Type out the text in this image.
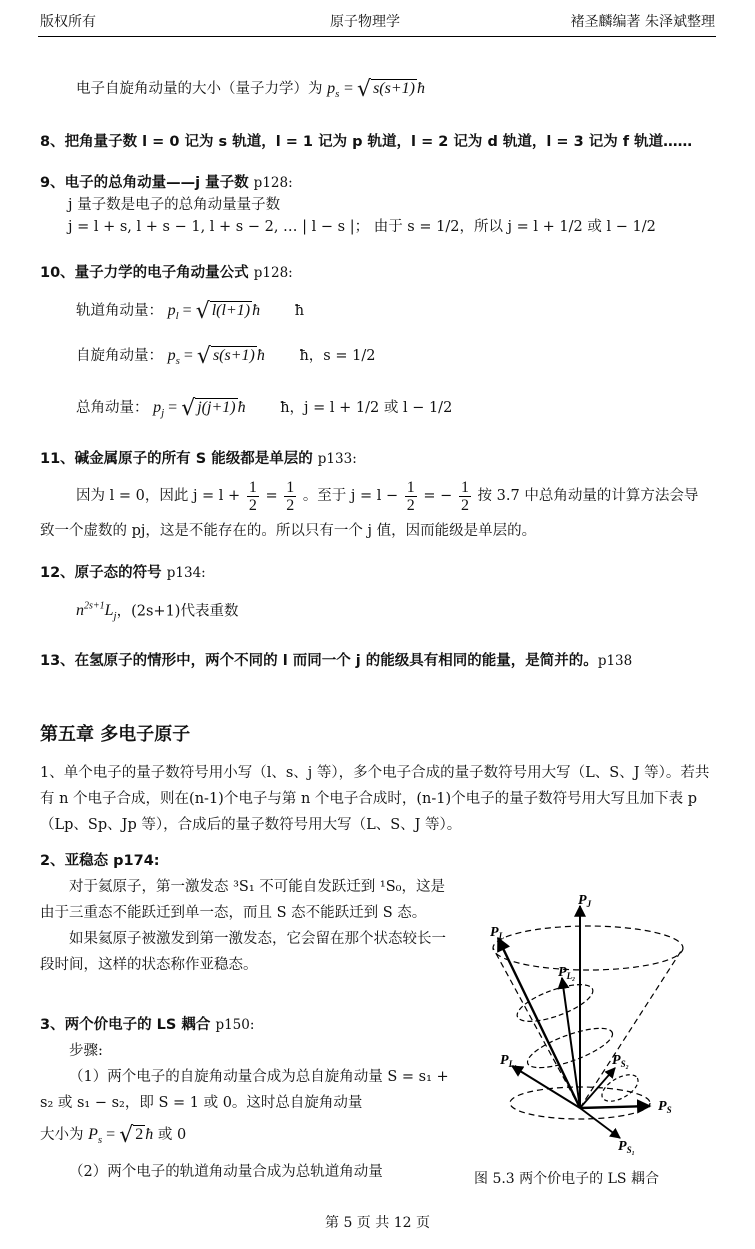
版权所有	原子物理学	褚圣麟编著 朱泽斌整理
电子自旋角动量的大小（量子力学）为 $p_s$ = √ s(s+1) ħ
8、把角量子数 l = 0 记为 s 轨道，l = 1 记为 p 轨道，l = 2 记为 d 轨道，l = 3 记为 f 轨道……
9、电子的总角动量——j 量子数 p128:
j 量子数是电子的总角动量量子数
j = l + s, l + s − 1, l + s − 2, … | l − s |； 由于 s = 1/2，所以 j = l + 1/2 或 l − 1/2
10、量子力学的电子角动量公式 p128:
轨道角动量： $p_l$ = √ l(l+1) ħ ħ
自旋角动量： $p_s$ = √ s(s+1) ħ ħ，s = 1/2
总角动量： $p_j$ = √ j(j+1) ħ ħ，j = l + 1/2 或 l − 1/2
11、碱金属原子的所有 S 能级都是单层的 p133:
因为 l = 0，因此 $j = l + \frac{1}{2} = \frac{1}{2}$ 。至于 $j = l - \frac{1}{2}$ = − $\frac{1}{2}$ 按 3.7 中总角动量的计算方法会导
致一个虚数的 pj，这是不能存在的。所以只有一个 j 值，因而能级是单层的。
12、原子态的符号 p134:
$n^{2s+1}L_j$，(2s+1)代表重数
13、在氢原子的情形中，两个不同的 l 而同一个 j 的能级具有相同的能量，是简并的。p138
第五章 多电子原子
1、单个电子的量子数符号用小写（l、s、j 等），多个电子合成的量子数符号用大写（L、S、J 等）。若共有 n 个电子合成，则在(n-1)个电子与第 n 个电子合成时，(n-1)个电子的量子数符号用大写且加下表 p（Lp、Sp、Jp 等），合成后的量子数符号用大写（L、S、J 等）。
2、亚稳态 p174:
对于氦原子，第一激发态 ³S₁ 不可能自发跃迁到 ¹S₀，这是由于三重态不能跃迁到单一态，而且 S 态不能跃迁到 S 态。
如果氦原子被激发到第一激发态，它会留在那个状态较长一段时间，这样的状态称作亚稳态。
3、两个价电子的 LS 耦合 p150:
步骤:
（1）两个电子的自旋角动量合成为总自旋角动量 S = s₁ + s₂ 或 s₁ − s₂，即 S = 1 或 0。这时总自旋角动量
大小为 $P_s$ = √ 2 ħ 或 0
（2）两个电子的轨道角动量合成为总轨道角动量
$P_J$
$P_L$
$P_{L_2}$
$P_{L_1}$	$P_{S_2}$
$P_S$
$P_{S_1}$
图 5.3 两个价电子的 LS 耦合
第 5 页 共 12 页
